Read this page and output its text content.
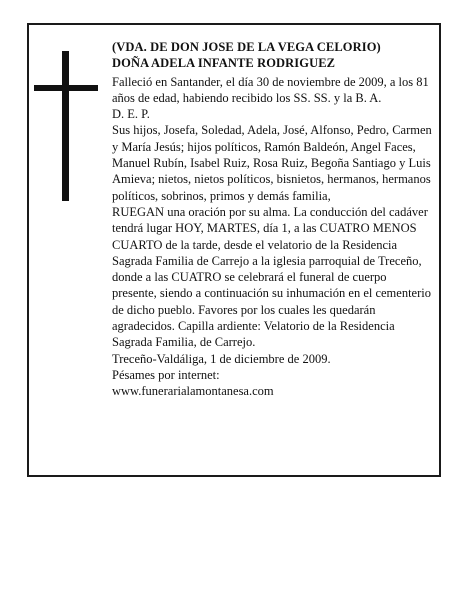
(VDA. DE DON JOSE DE LA VEGA CELORIO)

DOÑA ADELA INFANTE RODRIGUEZ

Falleció en Santander, el día 30 de noviembre de 2009, a los 81 años de edad, habiendo recibido los SS. SS. y la B. A.

D. E. P.

Sus hijos, Josefa, Soledad, Adela, José, Alfonso, Pedro, Carmen y María Jesús; hijos políticos, Ramón Baldeón, Angel Faces, Manuel Rubín, Isabel Ruiz, Rosa Ruiz, Begoña Santiago y Luis Amieva; nietos, nietos políticos, bisnietos, hermanos, hermanos políticos, sobrinos, primos y demás familia,

RUEGAN una oración por su alma. La conducción del cadáver tendrá lugar HOY, MARTES, día 1, a las CUATRO MENOS CUARTO de la tarde, desde el velatorio de la Residencia Sagrada Familia de Carrejo a la iglesia parroquial de Treceño, donde a las CUATRO se celebrará el funeral de cuerpo presente, siendo a continuación su inhumación en el cementerio de dicho pueblo. Favores por los cuales les quedarán agradecidos. Capilla ardiente: Velatorio de la Residencia Sagrada Familia, de Carrejo.

Treceño-Valdáliga, 1 de diciembre de 2009.

Pésames por internet:

www.funerarialamontanesa.com
